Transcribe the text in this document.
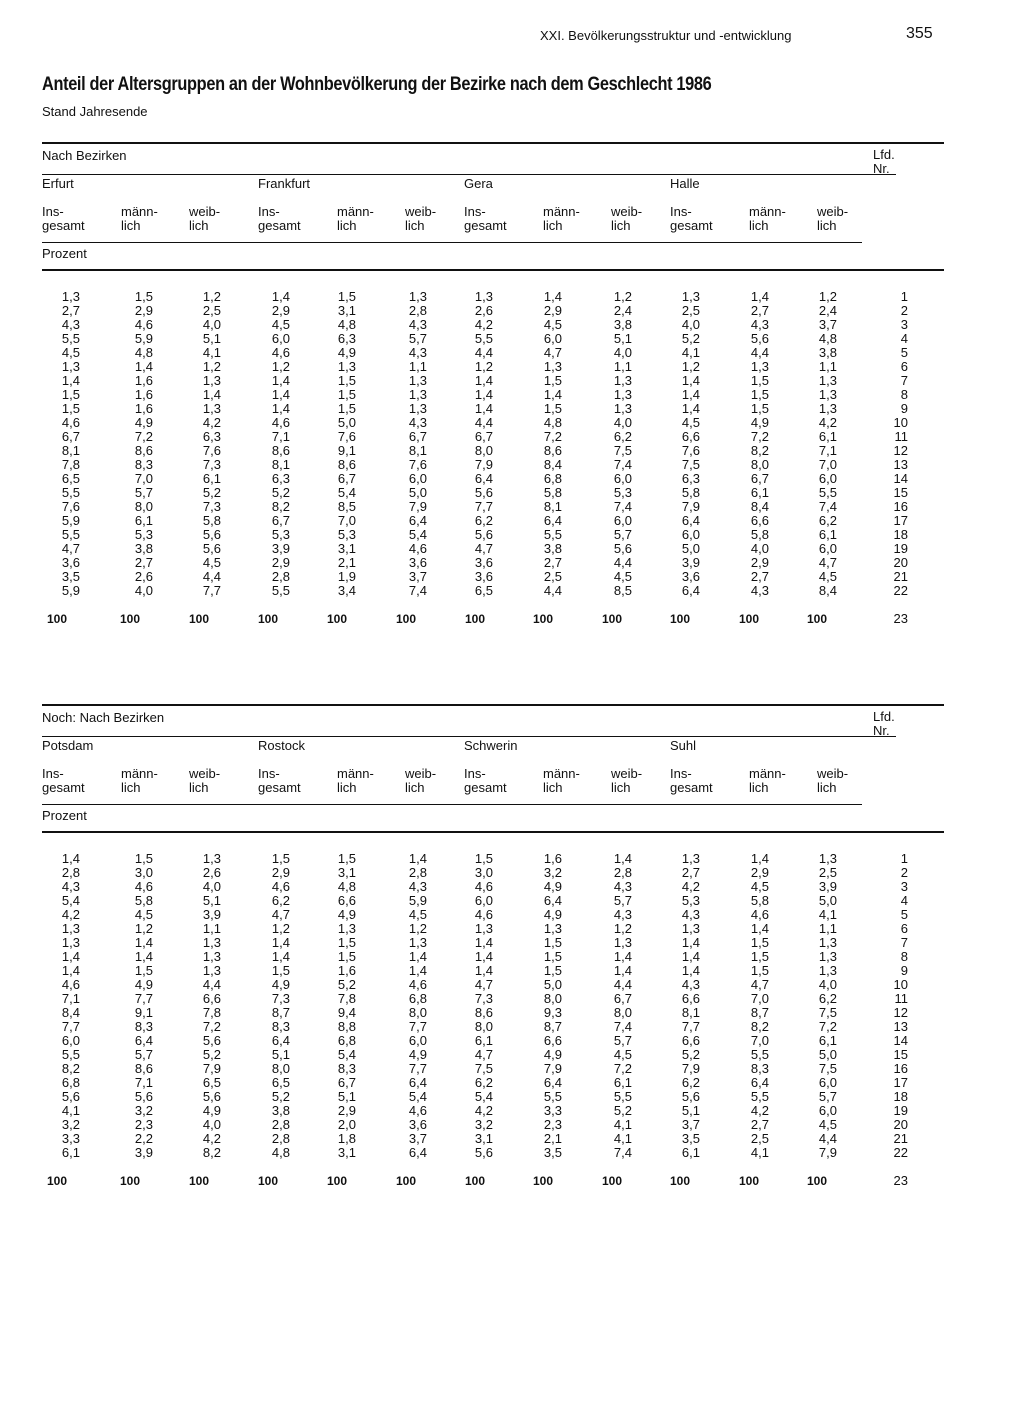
XXI. Bevölkerungsstruktur und -entwicklung	355
Anteil der Altersgruppen an der Wohnbevölkerung der Bezirke nach dem Geschlecht 1986
Stand Jahresende
Nach Bezirken	Lfd.
Nr.
Prozent
Erfurt
Ins-
gesamt
männ-
lich
weib-
lich
Frankfurt
Ins-
gesamt
männ-
lich
weib-
lich
Gera
Ins-
gesamt
männ-
lich
weib-
lich
Halle
Ins-
gesamt
männ-
lich
weib-
lich
1,3	1,5	1,2	1,4	1,5	1,3	1,3	1,4	1,2	1,3	1,4	1,2	1
2,7	2,9	2,5	2,9	3,1	2,8	2,6	2,9	2,4	2,5	2,7	2,4	2
4,3	4,6	4,0	4,5	4,8	4,3	4,2	4,5	3,8	4,0	4,3	3,7	3
5,5	5,9	5,1	6,0	6,3	5,7	5,5	6,0	5,1	5,2	5,6	4,8	4
4,5	4,8	4,1	4,6	4,9	4,3	4,4	4,7	4,0	4,1	4,4	3,8	5
1,3	1,4	1,2	1,2	1,3	1,1	1,2	1,3	1,1	1,2	1,3	1,1	6
1,4	1,6	1,3	1,4	1,5	1,3	1,4	1,5	1,3	1,4	1,5	1,3	7
1,5	1,6	1,4	1,4	1,5	1,3	1,4	1,4	1,3	1,4	1,5	1,3	8
1,5	1,6	1,3	1,4	1,5	1,3	1,4	1,5	1,3	1,4	1,5	1,3	9
4,6	4,9	4,2	4,6	5,0	4,3	4,4	4,8	4,0	4,5	4,9	4,2	10
6,7	7,2	6,3	7,1	7,6	6,7	6,7	7,2	6,2	6,6	7,2	6,1	11
8,1	8,6	7,6	8,6	9,1	8,1	8,0	8,6	7,5	7,6	8,2	7,1	12
7,8	8,3	7,3	8,1	8,6	7,6	7,9	8,4	7,4	7,5	8,0	7,0	13
6,5	7,0	6,1	6,3	6,7	6,0	6,4	6,8	6,0	6,3	6,7	6,0	14
5,5	5,7	5,2	5,2	5,4	5,0	5,6	5,8	5,3	5,8	6,1	5,5	15
7,6	8,0	7,3	8,2	8,5	7,9	7,7	8,1	7,4	7,9	8,4	7,4	16
5,9	6,1	5,8	6,7	7,0	6,4	6,2	6,4	6,0	6,4	6,6	6,2	17
5,5	5,3	5,6	5,3	5,3	5,4	5,6	5,5	5,7	6,0	5,8	6,1	18
4,7	3,8	5,6	3,9	3,1	4,6	4,7	3,8	5,6	5,0	4,0	6,0	19
3,6	2,7	4,5	2,9	2,1	3,6	3,6	2,7	4,4	3,9	2,9	4,7	20
3,5	2,6	4,4	2,8	1,9	3,7	3,6	2,5	4,5	3,6	2,7	4,5	21
5,9	4,0	7,7	5,5	3,4	7,4	6,5	4,4	8,5	6,4	4,3	8,4	22
100	100	100	100	100	100	100	100	100	100	100	100	23
Noch: Nach Bezirken	Lfd.
Nr.
Prozent
Potsdam
Ins-
gesamt
männ-
lich
weib-
lich
Rostock
Ins-
gesamt
männ-
lich
weib-
lich
Schwerin
Ins-
gesamt
männ-
lich
weib-
lich
Suhl
Ins-
gesamt
männ-
lich
weib-
lich
1,4	1,5	1,3	1,5	1,5	1,4	1,5	1,6	1,4	1,3	1,4	1,3	1
2,8	3,0	2,6	2,9	3,1	2,8	3,0	3,2	2,8	2,7	2,9	2,5	2
4,3	4,6	4,0	4,6	4,8	4,3	4,6	4,9	4,3	4,2	4,5	3,9	3
5,4	5,8	5,1	6,2	6,6	5,9	6,0	6,4	5,7	5,3	5,8	5,0	4
4,2	4,5	3,9	4,7	4,9	4,5	4,6	4,9	4,3	4,3	4,6	4,1	5
1,3	1,2	1,1	1,2	1,3	1,2	1,3	1,3	1,2	1,3	1,4	1,1	6
1,3	1,4	1,3	1,4	1,5	1,3	1,4	1,5	1,3	1,4	1,5	1,3	7
1,4	1,4	1,3	1,4	1,5	1,4	1,4	1,5	1,4	1,4	1,5	1,3	8
1,4	1,5	1,3	1,5	1,6	1,4	1,4	1,5	1,4	1,4	1,5	1,3	9
4,6	4,9	4,4	4,9	5,2	4,6	4,7	5,0	4,4	4,3	4,7	4,0	10
7,1	7,7	6,6	7,3	7,8	6,8	7,3	8,0	6,7	6,6	7,0	6,2	11
8,4	9,1	7,8	8,7	9,4	8,0	8,6	9,3	8,0	8,1	8,7	7,5	12
7,7	8,3	7,2	8,3	8,8	7,7	8,0	8,7	7,4	7,7	8,2	7,2	13
6,0	6,4	5,6	6,4	6,8	6,0	6,1	6,6	5,7	6,6	7,0	6,1	14
5,5	5,7	5,2	5,1	5,4	4,9	4,7	4,9	4,5	5,2	5,5	5,0	15
8,2	8,6	7,9	8,0	8,3	7,7	7,5	7,9	7,2	7,9	8,3	7,5	16
6,8	7,1	6,5	6,5	6,7	6,4	6,2	6,4	6,1	6,2	6,4	6,0	17
5,6	5,6	5,6	5,2	5,1	5,4	5,4	5,5	5,5	5,6	5,5	5,7	18
4,1	3,2	4,9	3,8	2,9	4,6	4,2	3,3	5,2	5,1	4,2	6,0	19
3,2	2,3	4,0	2,8	2,0	3,6	3,2	2,3	4,1	3,7	2,7	4,5	20
3,3	2,2	4,2	2,8	1,8	3,7	3,1	2,1	4,1	3,5	2,5	4,4	21
6,1	3,9	8,2	4,8	3,1	6,4	5,6	3,5	7,4	6,1	4,1	7,9	22
100	100	100	100	100	100	100	100	100	100	100	100	23
